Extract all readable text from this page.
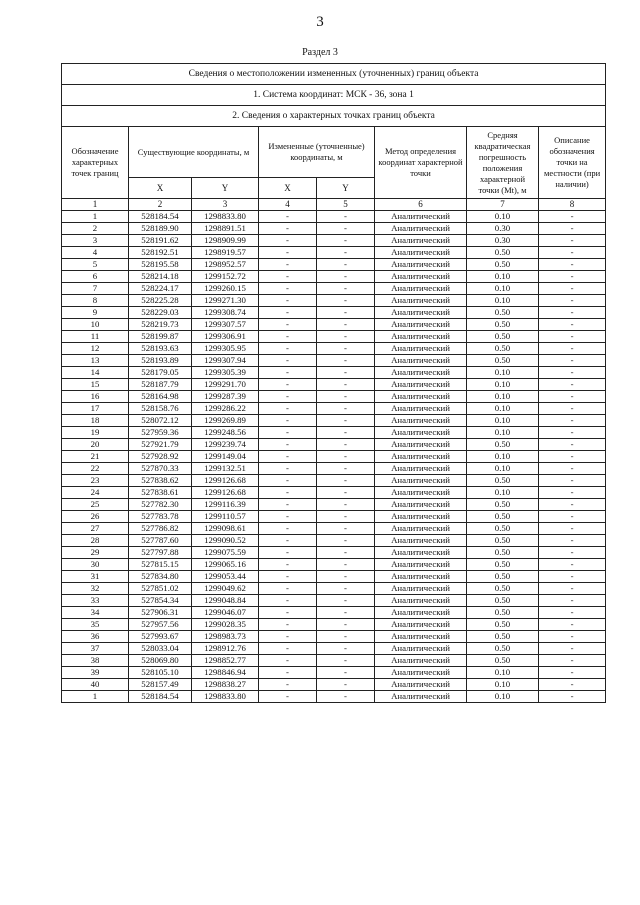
3
Раздел 3
Сведения о местоположении измененных (уточненных) границ объекта							
1. Система координат: МСК - 36, зона 1							
2. Сведения о характерных точках границ объекта							
Обозначение характерных точек границ	Существующие координаты, м		Измененные (уточненные) координаты, м		Метод определения координат характерной точки	Средняя квадратическая погрешность положения характерной точки (Mt), м	Описание обозначения точки на местности (при наличии)
	X	Y	X	Y			
1	2	3	4	5	6	7	8
1	528184.54	1298833.80	-	-	Аналитический	0.10	-
2	528189.90	1298891.51	-	-	Аналитический	0.30	-
3	528191.62	1298909.99	-	-	Аналитический	0.30	-
4	528192.51	1298919.57	-	-	Аналитический	0.50	-
5	528195.58	1298952.57	-	-	Аналитический	0.50	-
6	528214.18	1299152.72	-	-	Аналитический	0.10	-
7	528224.17	1299260.15	-	-	Аналитический	0.10	-
8	528225.28	1299271.30	-	-	Аналитический	0.10	-
9	528229.03	1299308.74	-	-	Аналитический	0.50	-
10	528219.73	1299307.57	-	-	Аналитический	0.50	-
11	528199.87	1299306.91	-	-	Аналитический	0.50	-
12	528193.63	1299305.95	-	-	Аналитический	0.50	-
13	528193.89	1299307.94	-	-	Аналитический	0.50	-
14	528179.05	1299305.39	-	-	Аналитический	0.10	-
15	528187.79	1299291.70	-	-	Аналитический	0.10	-
16	528164.98	1299287.39	-	-	Аналитический	0.10	-
17	528158.76	1299286.22	-	-	Аналитический	0.10	-
18	528072.12	1299269.89	-	-	Аналитический	0.10	-
19	527959.36	1299248.56	-	-	Аналитический	0.10	-
20	527921.79	1299239.74	-	-	Аналитический	0.50	-
21	527928.92	1299149.04	-	-	Аналитический	0.10	-
22	527870.33	1299132.51	-	-	Аналитический	0.10	-
23	527838.62	1299126.68	-	-	Аналитический	0.50	-
24	527838.61	1299126.68	-	-	Аналитический	0.10	-
25	527782.30	1299116.39	-	-	Аналитический	0.50	-
26	527783.78	1299110.57	-	-	Аналитический	0.50	-
27	527786.82	1299098.61	-	-	Аналитический	0.50	-
28	527787.60	1299090.52	-	-	Аналитический	0.50	-
29	527797.88	1299075.59	-	-	Аналитический	0.50	-
30	527815.15	1299065.16	-	-	Аналитический	0.50	-
31	527834.80	1299053.44	-	-	Аналитический	0.50	-
32	527851.02	1299049.62	-	-	Аналитический	0.50	-
33	527854.34	1299048.84	-	-	Аналитический	0.50	-
34	527906.31	1299046.07	-	-	Аналитический	0.50	-
35	527957.56	1299028.35	-	-	Аналитический	0.50	-
36	527993.67	1298983.73	-	-	Аналитический	0.50	-
37	528033.04	1298912.76	-	-	Аналитический	0.50	-
38	528069.80	1298852.77	-	-	Аналитический	0.50	-
39	528105.10	1298846.94	-	-	Аналитический	0.10	-
40	528157.49	1298838.27	-	-	Аналитический	0.10	-
1	528184.54	1298833.80	-	-	Аналитический	0.10	-
